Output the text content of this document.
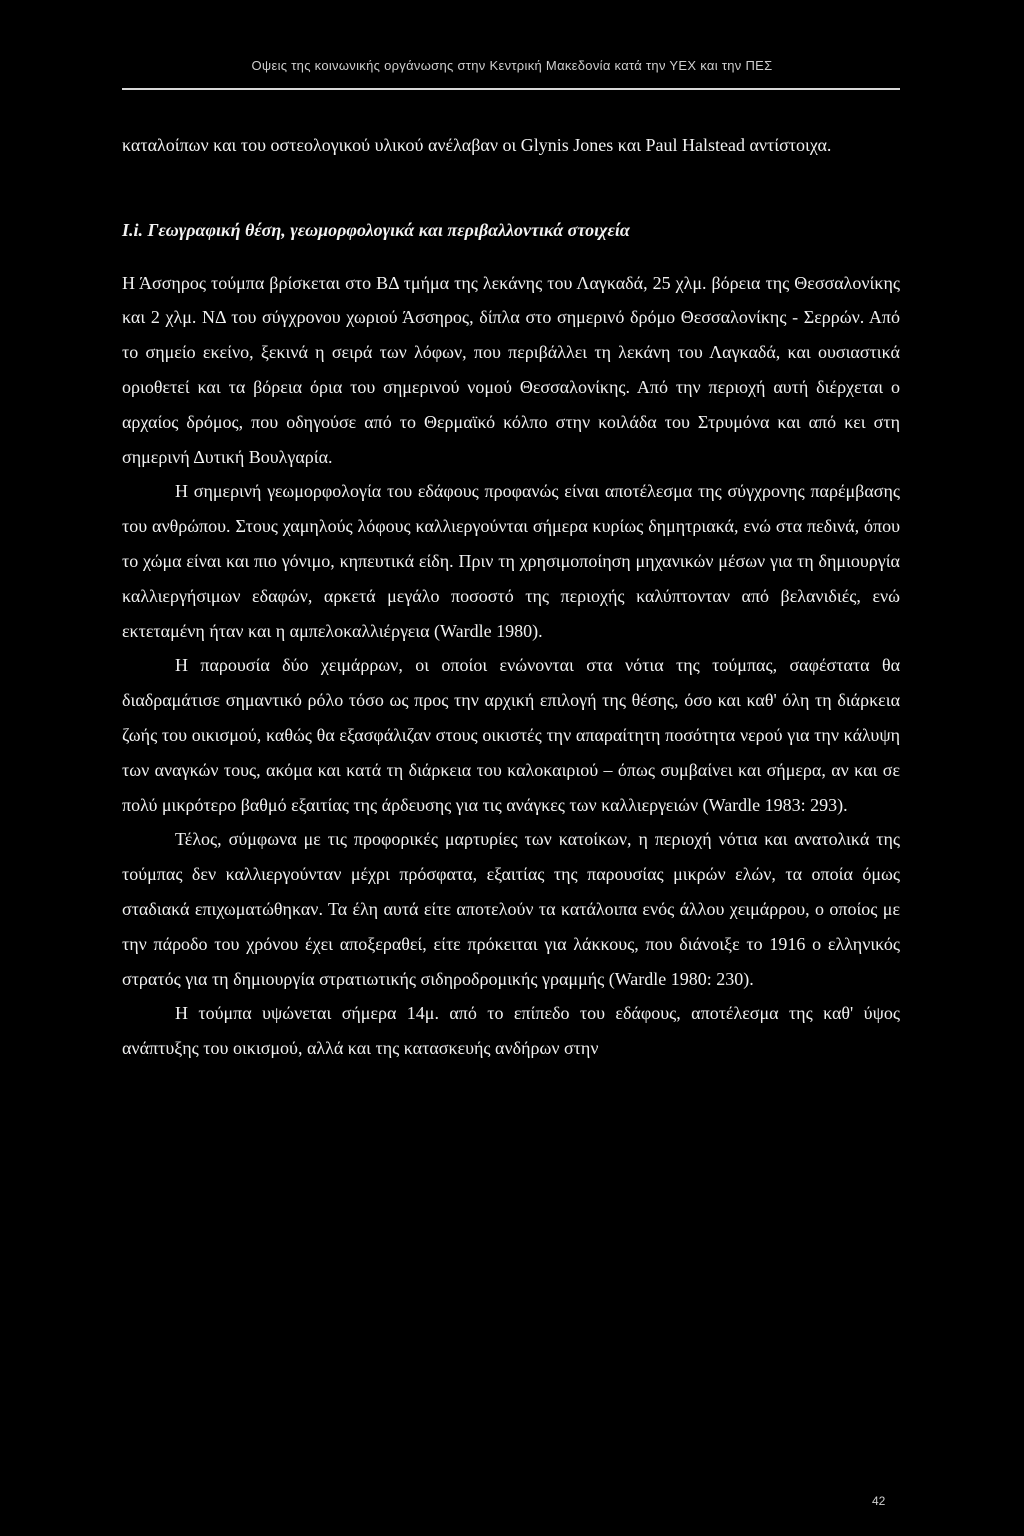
Οψεις της κοινωνικής οργάνωσης στην Κεντρική Μακεδονία κατά την ΥΕΧ και την ΠΕΣ

καταλοίπων και του οστεολογικού υλικού ανέλαβαν οι Glynis Jones και Paul Halstead αντίστοιχα.

I.i. Γεωγραφική θέση, γεωμορφολογικά και περιβαλλοντικά στοιχεία

Η Άσσηρος τούμπα βρίσκεται στο ΒΔ τμήμα της λεκάνης του Λαγκαδά, 25 χλμ. βόρεια της Θεσσαλονίκης και 2 χλμ. ΝΔ του σύγχρονου χωριού Άσσηρος, δίπλα στο σημερινό δρόμο Θεσσαλονίκης - Σερρών. Από το σημείο εκείνο, ξεκινά η σειρά των λόφων, που περιβάλλει τη λεκάνη του Λαγκαδά, και ουσιαστικά οριοθετεί και τα βόρεια όρια του σημερινού νομού Θεσσαλονίκης. Από την περιοχή αυτή διέρχεται ο αρχαίος δρόμος, που οδηγούσε από το Θερμαϊκό κόλπο στην κοιλάδα του Στρυμόνα και από κει στη σημερινή Δυτική Βουλγαρία.

Η σημερινή γεωμορφολογία του εδάφους προφανώς είναι αποτέλεσμα της σύγχρονης παρέμβασης του ανθρώπου. Στους χαμηλούς λόφους καλλιεργούνται σήμερα κυρίως δημητριακά, ενώ στα πεδινά, όπου το χώμα είναι και πιο γόνιμο, κηπευτικά είδη. Πριν τη χρησιμοποίηση μηχανικών μέσων για τη δημιουργία καλλιεργήσιμων εδαφών, αρκετά μεγάλο ποσοστό της περιοχής καλύπτονταν από βελανιδιές, ενώ εκτεταμένη ήταν και η αμπελοκαλλιέργεια (Wardle 1980).

Η παρουσία δύο χειμάρρων, οι οποίοι ενώνονται στα νότια της τούμπας, σαφέστατα θα διαδραμάτισε σημαντικό ρόλο τόσο ως προς την αρχική επιλογή της θέσης, όσο και καθ' όλη τη διάρκεια ζωής του οικισμού, καθώς θα εξασφάλιζαν στους οικιστές την απαραίτητη ποσότητα νερού για την κάλυψη των αναγκών τους, ακόμα και κατά τη διάρκεια του καλοκαιριού – όπως συμβαίνει και σήμερα, αν και σε πολύ μικρότερο βαθμό εξαιτίας της άρδευσης για τις ανάγκες των καλλιεργειών (Wardle 1983: 293).

Τέλος, σύμφωνα με τις προφορικές μαρτυρίες των κατοίκων, η περιοχή νότια και ανατολικά της τούμπας δεν καλλιεργούνταν μέχρι πρόσφατα, εξαιτίας της παρουσίας μικρών ελών, τα οποία όμως σταδιακά επιχωματώθηκαν. Τα έλη αυτά είτε αποτελούν τα κατάλοιπα ενός άλλου χειμάρρου, ο οποίος με την πάροδο του χρόνου έχει αποξεραθεί, είτε πρόκειται για λάκκους, που διάνοιξε το 1916 ο ελληνικός στρατός για τη δημιουργία στρατιωτικής σιδηροδρομικής γραμμής (Wardle 1980: 230).

Η τούμπα υψώνεται σήμερα 14μ. από το επίπεδο του εδάφους, αποτέλεσμα της καθ' ύψος ανάπτυξης του οικισμού, αλλά και της κατασκευής ανδήρων στην

42
